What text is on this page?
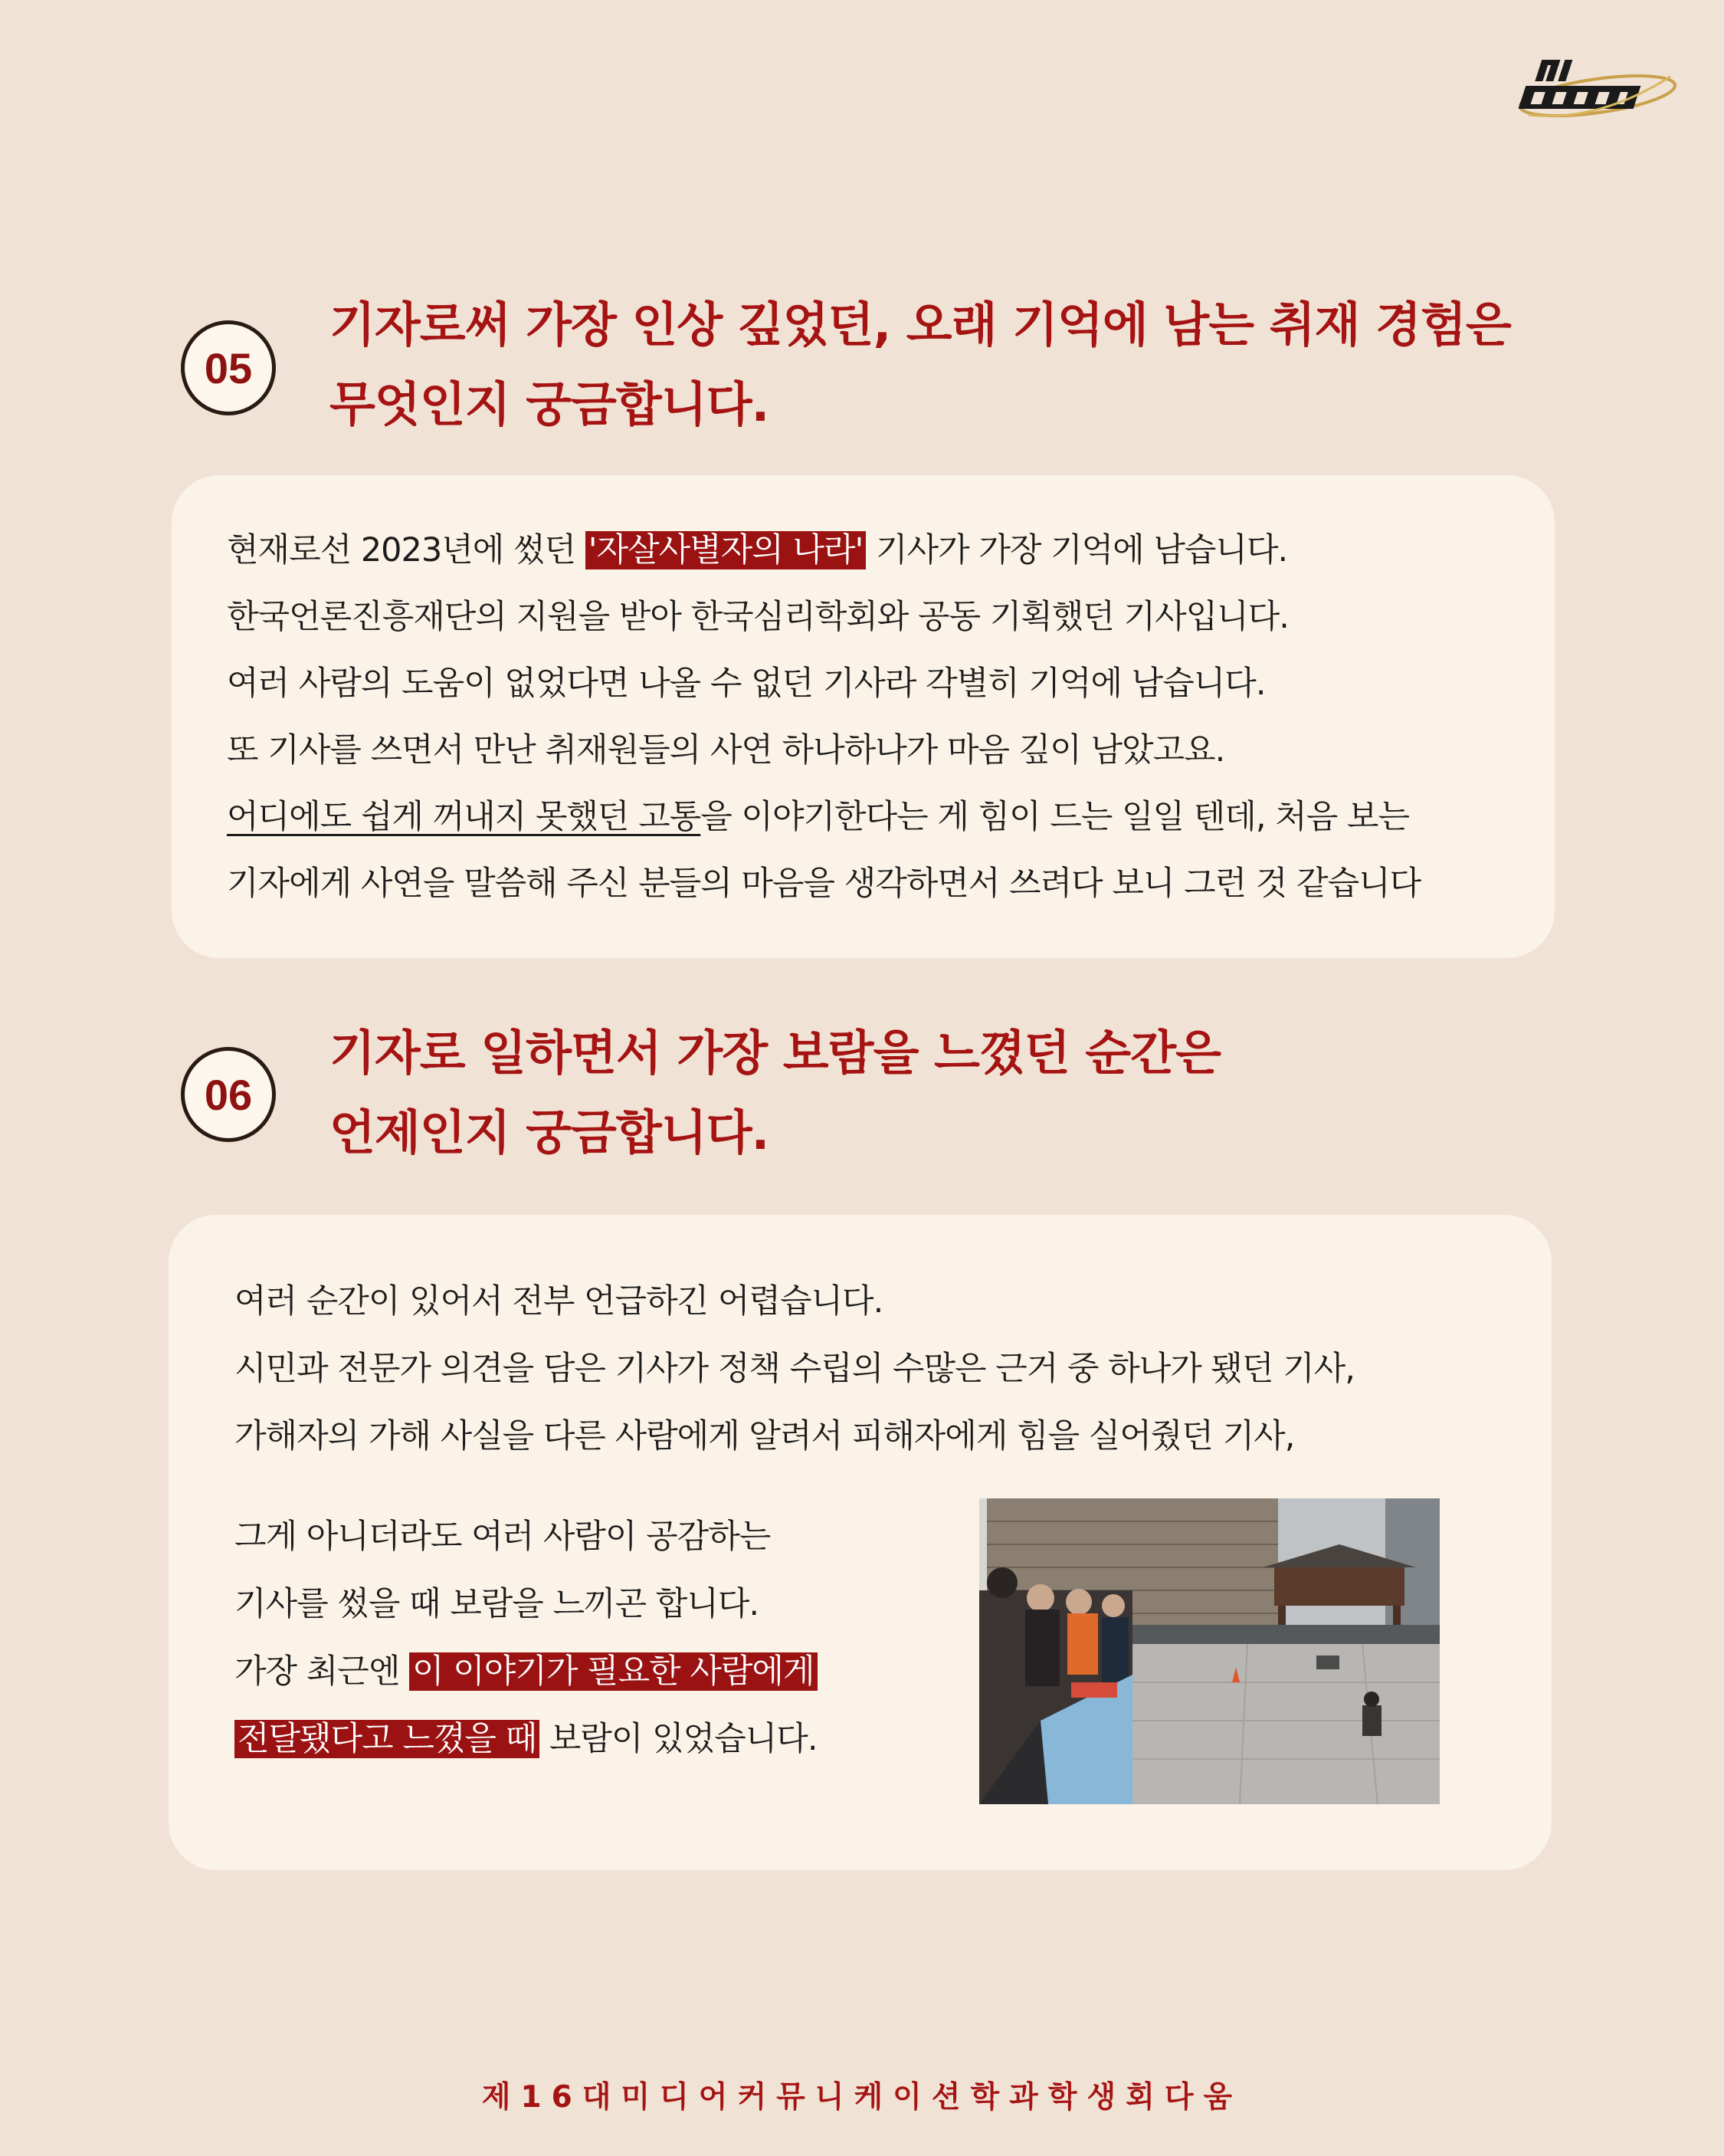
05
기자로써 가장 인상 깊었던, 오래 기억에 남는 취재 경험은
무엇인지 궁금합니다.
현재로선 2023년에 썼던 '자살사별자의 나라' 기사가 가장 기억에 남습니다.
한국언론진흥재단의 지원을 받아 한국심리학회와 공동 기획했던 기사입니다.
여러 사람의 도움이 없었다면 나올 수 없던 기사라 각별히 기억에 남습니다.
또 기사를 쓰면서 만난 취재원들의 사연 하나하나가 마음 깊이 남았고요.
어디에도 쉽게 꺼내지 못했던 고통을 이야기한다는 게 힘이 드는 일일 텐데, 처음 보는
기자에게 사연을 말씀해 주신 분들의 마음을 생각하면서 쓰려다 보니 그런 것 같습니다
06
기자로 일하면서 가장 보람을 느꼈던 순간은
언제인지 궁금합니다.
여러 순간이 있어서 전부 언급하긴 어렵습니다.
시민과 전문가 의견을 담은 기사가 정책 수립의 수많은 근거 중 하나가 됐던 기사,
가해자의 가해 사실을 다른 사람에게 알려서 피해자에게 힘을 실어줬던 기사,
그게 아니더라도 여러 사람이 공감하는
기사를 썼을 때 보람을 느끼곤 합니다.
가장 최근엔 이 이야기가 필요한 사람에게
전달됐다고 느꼈을 때 보람이 있었습니다.
제16대미디어커뮤니케이션학과학생회다움
